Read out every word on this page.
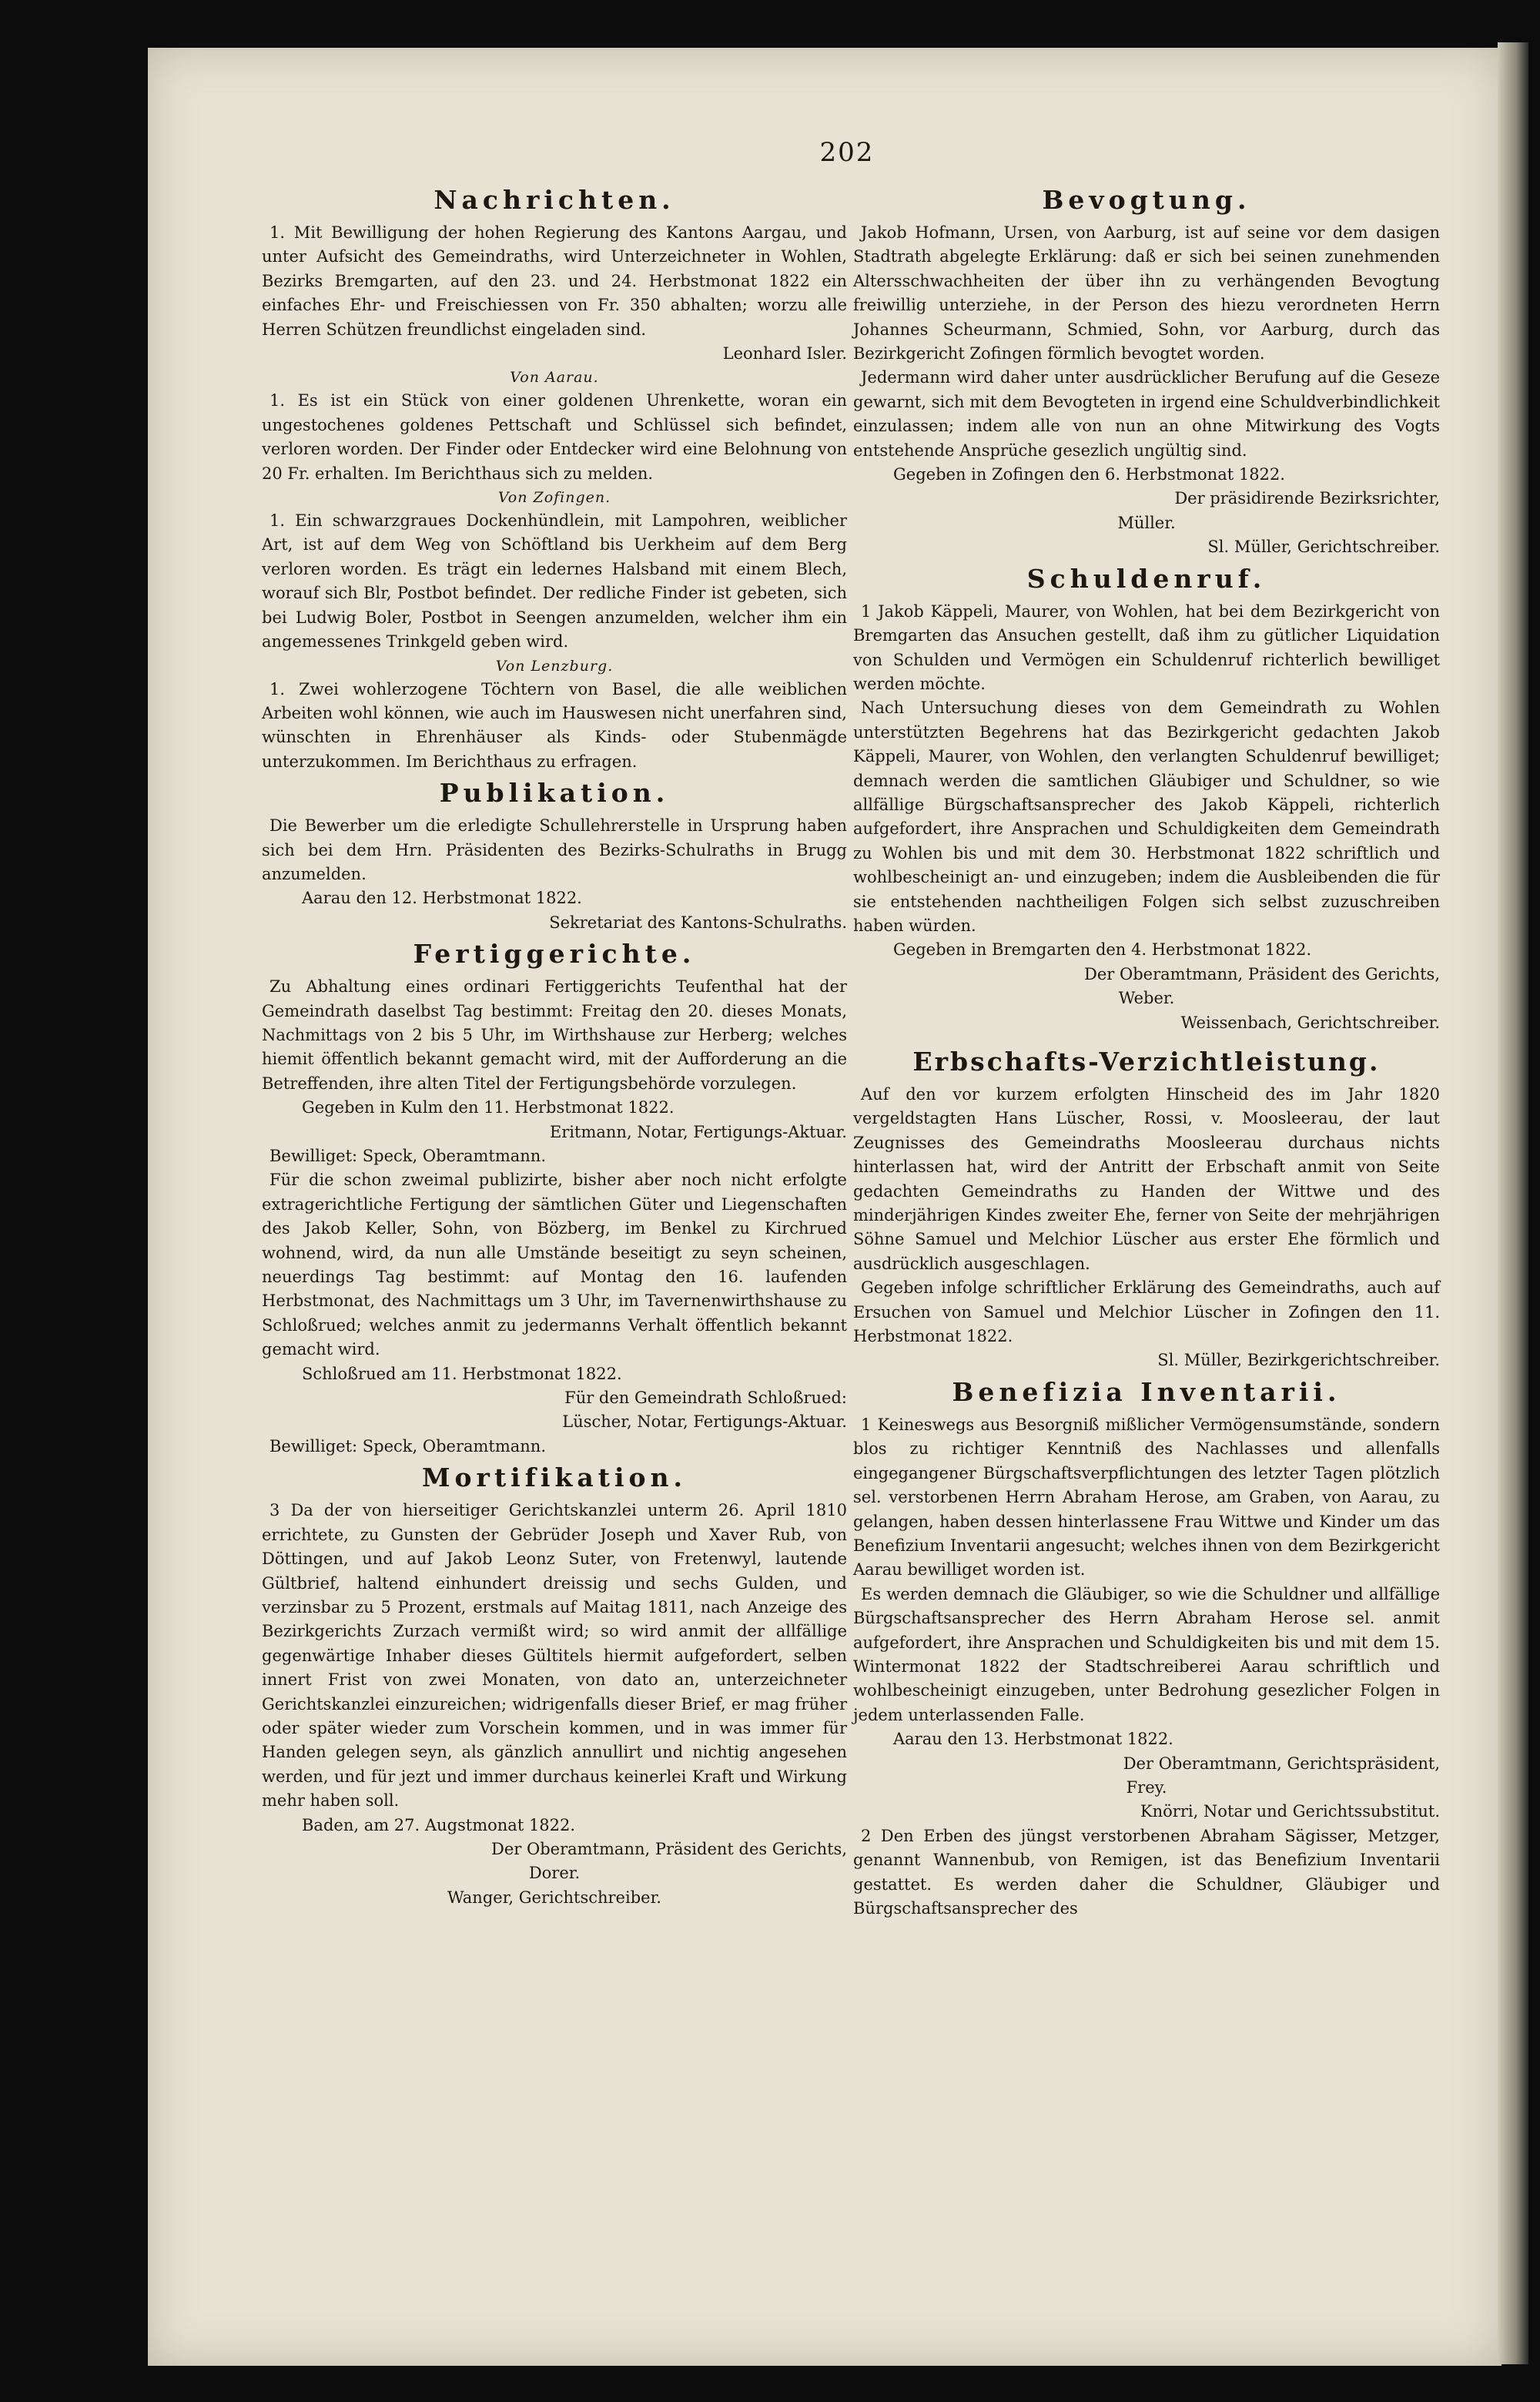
202
Nachrichten.

1. Mit Bewilligung der hohen Regierung des Kantons Aargau, und unter Aufsicht des Gemeindraths, wird Unterzeichneter in Wohlen, Bezirks Bremgarten, auf den 23. und 24. Herbstmonat 1822 ein einfaches Ehr- und Freischiessen von Fr. 350 abhalten; worzu alle Herren Schützen freundlichst eingeladen sind.

Leonhard Isler.

Von Aarau.

1. Es ist ein Stück von einer goldenen Uhrenkette, woran ein ungestochenes goldenes Pettschaft und Schlüssel sich befindet, verloren worden. Der Finder oder Entdecker wird eine Belohnung von 20 Fr. erhalten. Im Berichthaus sich zu melden.

Von Zofingen.

1. Ein schwarzgraues Dockenhündlein, mit Lampohren, weiblicher Art, ist auf dem Weg von Schöftland bis Uerkheim auf dem Berg verloren worden. Es trägt ein ledernes Halsband mit einem Blech, worauf sich Blr, Postbot befindet. Der redliche Finder ist gebeten, sich bei Ludwig Boler, Postbot in Seengen anzumelden, welcher ihm ein angemessenes Trinkgeld geben wird.

Von Lenzburg.

1. Zwei wohlerzogene Töchtern von Basel, die alle weiblichen Arbeiten wohl können, wie auch im Hauswesen nicht unerfahren sind, wünschten in Ehrenhäuser als Kinds- oder Stubenmägde unterzukommen. Im Berichthaus zu erfragen.

Publikation.

Die Bewerber um die erledigte Schullehrerstelle in Ursprung haben sich bei dem Hrn. Präsidenten des Bezirks-Schulraths in Brugg anzumelden.

Aarau den 12. Herbstmonat 1822.

Sekretariat des Kantons-Schulraths.

Fertiggerichte.

Zu Abhaltung eines ordinari Fertiggerichts Teufenthal hat der Gemeindrath daselbst Tag bestimmt: Freitag den 20. dieses Monats, Nachmittags von 2 bis 5 Uhr, im Wirthshause zur Herberg; welches hiemit öffentlich bekannt gemacht wird, mit der Aufforderung an die Betreffenden, ihre alten Titel der Fertigungsbehörde vorzulegen.

Gegeben in Kulm den 11. Herbstmonat 1822.

Eritmann, Notar, Fertigungs-Aktuar.

Bewilliget: Speck, Oberamtmann.

Für die schon zweimal publizirte, bisher aber noch nicht erfolgte extragerichtliche Fertigung der sämtlichen Güter und Liegenschaften des Jakob Keller, Sohn, von Bözberg, im Benkel zu Kirchrued wohnend, wird, da nun alle Umstände beseitigt zu seyn scheinen, neuerdings Tag bestimmt: auf Montag den 16. laufenden Herbstmonat, des Nachmittags um 3 Uhr, im Tavernenwirthshause zu Schloßrued; welches anmit zu jedermanns Verhalt öffentlich bekannt gemacht wird.

Schloßrued am 11. Herbstmonat 1822.

Für den Gemeindrath Schloßrued:

Lüscher, Notar, Fertigungs-Aktuar.

Bewilliget: Speck, Oberamtmann.

Mortifikation.

3 Da der von hierseitiger Gerichtskanzlei unterm 26. April 1810 errichtete, zu Gunsten der Gebrüder Joseph und Xaver Rub, von Döttingen, und auf Jakob Leonz Suter, von Fretenwyl, lautende Gültbrief, haltend einhundert dreissig und sechs Gulden, und verzinsbar zu 5 Prozent, erstmals auf Maitag 1811, nach Anzeige des Bezirkgerichts Zurzach vermißt wird; so wird anmit der allfällige gegenwärtige Inhaber dieses Gültitels hiermit aufgefordert, selben innert Frist von zwei Monaten, von dato an, unterzeichneter Gerichtskanzlei einzureichen; widrigenfalls dieser Brief, er mag früher oder später wieder zum Vorschein kommen, und in was immer für Handen gelegen seyn, als gänzlich annullirt und nichtig angesehen werden, und für jezt und immer durchaus keinerlei Kraft und Wirkung mehr haben soll.

Baden, am 27. Augstmonat 1822.

Der Oberamtmann, Präsident des Gerichts,

Dorer.

Wanger, Gerichtschreiber.

Bevogtung.

Jakob Hofmann, Ursen, von Aarburg, ist auf seine vor dem dasigen Stadtrath abgelegte Erklärung: daß er sich bei seinen zunehmenden Altersschwachheiten der über ihn zu verhängenden Bevogtung freiwillig unterziehe, in der Person des hiezu verordneten Herrn Johannes Scheurmann, Schmied, Sohn, vor Aarburg, durch das Bezirkgericht Zofingen förmlich bevogtet worden.

Jedermann wird daher unter ausdrücklicher Berufung auf die Geseze gewarnt, sich mit dem Bevogteten in irgend eine Schuldverbindlichkeit einzulassen; indem alle von nun an ohne Mitwirkung des Vogts entstehende Ansprüche gesezlich ungültig sind.

Gegeben in Zofingen den 6. Herbstmonat 1822.

Der präsidirende Bezirksrichter,

Müller.

Sl. Müller, Gerichtschreiber.

Schuldenruf.

1 Jakob Käppeli, Maurer, von Wohlen, hat bei dem Bezirkgericht von Bremgarten das Ansuchen gestellt, daß ihm zu gütlicher Liquidation von Schulden und Vermögen ein Schuldenruf richterlich bewilliget werden möchte.

Nach Untersuchung dieses von dem Gemeindrath zu Wohlen unterstützten Begehrens hat das Bezirkgericht gedachten Jakob Käppeli, Maurer, von Wohlen, den verlangten Schuldenruf bewilliget; demnach werden die samtlichen Gläubiger und Schuldner, so wie allfällige Bürgschaftsansprecher des Jakob Käppeli, richterlich aufgefordert, ihre Ansprachen und Schuldigkeiten dem Gemeindrath zu Wohlen bis und mit dem 30. Herbstmonat 1822 schriftlich und wohlbescheinigt an- und einzugeben; indem die Ausbleibenden die für sie entstehenden nachtheiligen Folgen sich selbst zuzuschreiben haben würden.

Gegeben in Bremgarten den 4. Herbstmonat 1822.

Der Oberamtmann, Präsident des Gerichts,

Weber.

Weissenbach, Gerichtschreiber.

Erbschafts-Verzichtleistung.

Auf den vor kurzem erfolgten Hinscheid des im Jahr 1820 vergeldstagten Hans Lüscher, Rossi, v. Moosleerau, der laut Zeugnisses des Gemeindraths Moosleerau durchaus nichts hinterlassen hat, wird der Antritt der Erbschaft anmit von Seite gedachten Gemeindraths zu Handen der Wittwe und des minderjährigen Kindes zweiter Ehe, ferner von Seite der mehrjährigen Söhne Samuel und Melchior Lüscher aus erster Ehe förmlich und ausdrücklich ausgeschlagen.

Gegeben infolge schriftlicher Erklärung des Gemeindraths, auch auf Ersuchen von Samuel und Melchior Lüscher in Zofingen den 11. Herbstmonat 1822.

Sl. Müller, Bezirkgerichtschreiber.

Benefizia Inventarii.

1 Keineswegs aus Besorgniß mißlicher Vermögensumstände, sondern blos zu richtiger Kenntniß des Nachlasses und allenfalls eingegangener Bürgschaftsverpflichtungen des letzter Tagen plötzlich sel. verstorbenen Herrn Abraham Herose, am Graben, von Aarau, zu gelangen, haben dessen hinterlassene Frau Wittwe und Kinder um das Benefizium Inventarii angesucht; welches ihnen von dem Bezirkgericht Aarau bewilliget worden ist.

Es werden demnach die Gläubiger, so wie die Schuldner und allfällige Bürgschaftsansprecher des Herrn Abraham Herose sel. anmit aufgefordert, ihre Ansprachen und Schuldigkeiten bis und mit dem 15. Wintermonat 1822 der Stadtschreiberei Aarau schriftlich und wohlbescheinigt einzugeben, unter Bedrohung gesezlicher Folgen in jedem unterlassenden Falle.

Aarau den 13. Herbstmonat 1822.

Der Oberamtmann, Gerichtspräsident,

Frey.

Knörri, Notar und Gerichtssubstitut.

2 Den Erben des jüngst verstorbenen Abraham Sägisser, Metzger, genannt Wannenbub, von Remigen, ist das Benefizium Inventarii gestattet. Es werden daher die Schuldner, Gläubiger und Bürgschaftsansprecher des
